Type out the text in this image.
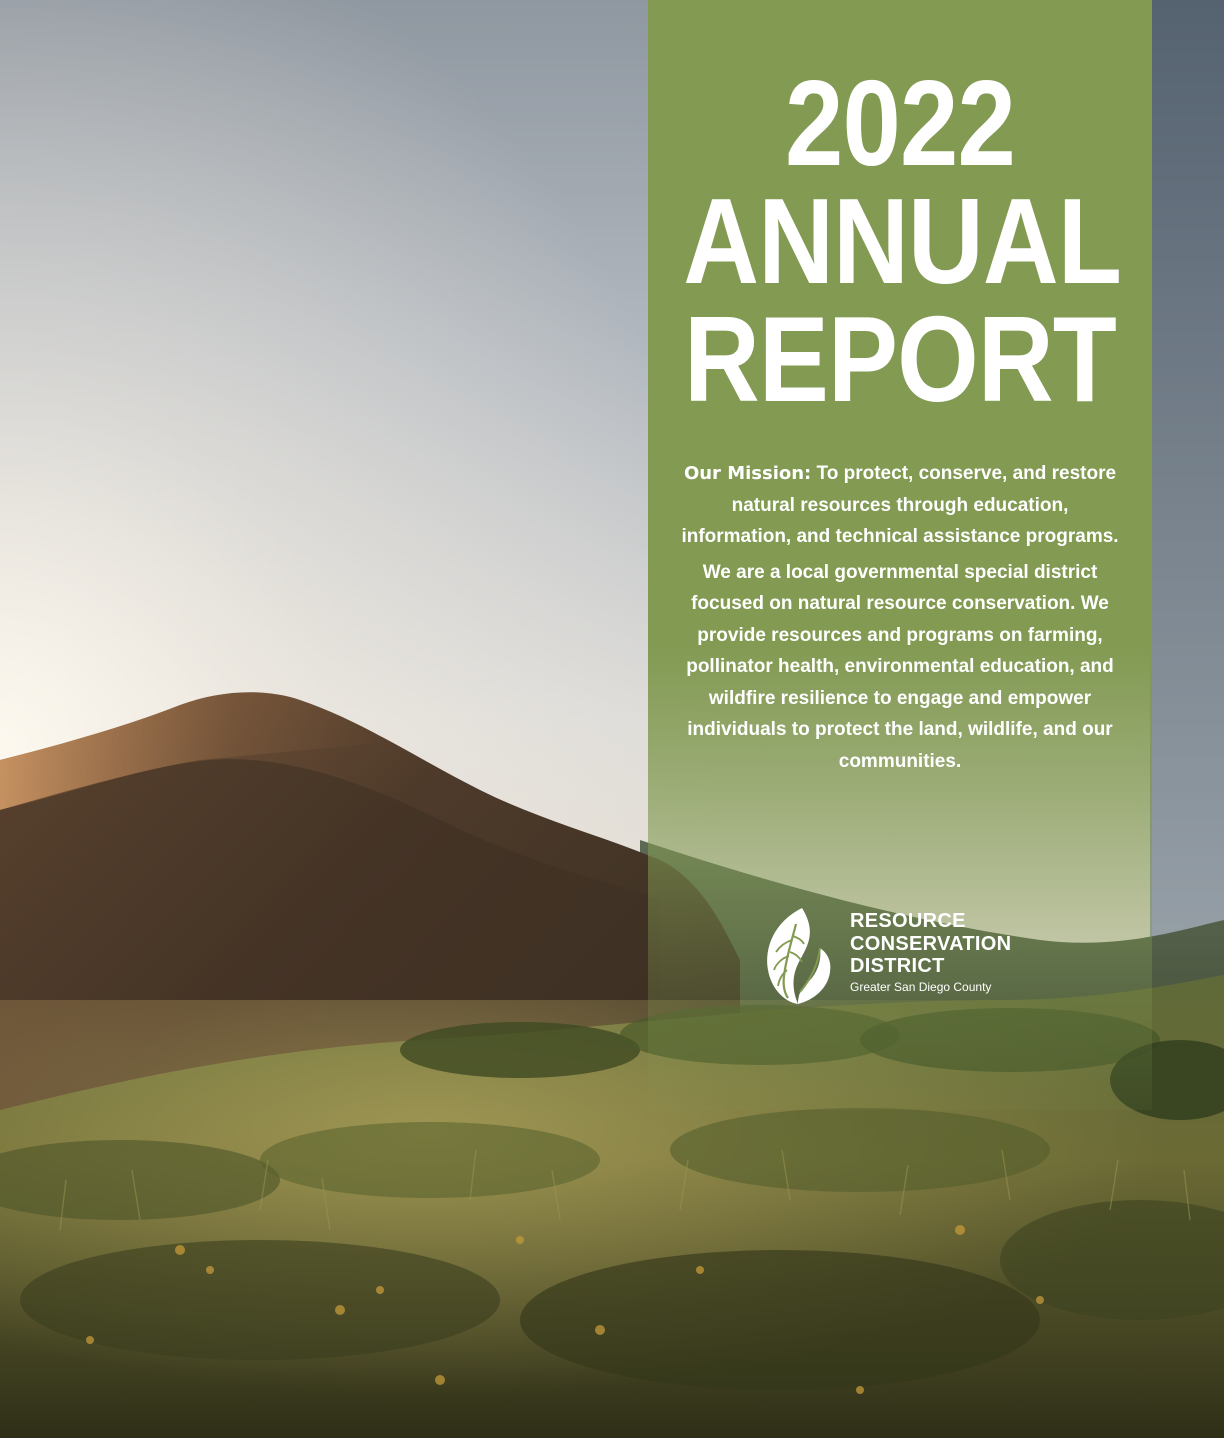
2022
ANNUAL
REPORT

Our Mission: To protect, conserve, and restore natural resources through education, information, and technical assistance programs.

We are a local governmental special district focused on natural resource conservation. We provide resources and programs on farming, pollinator health, environmental education, and wildfire resilience to engage and empower individuals to protect the land, wildlife, and our communities.

RESOURCE
CONSERVATION
DISTRICT
Greater San Diego County
